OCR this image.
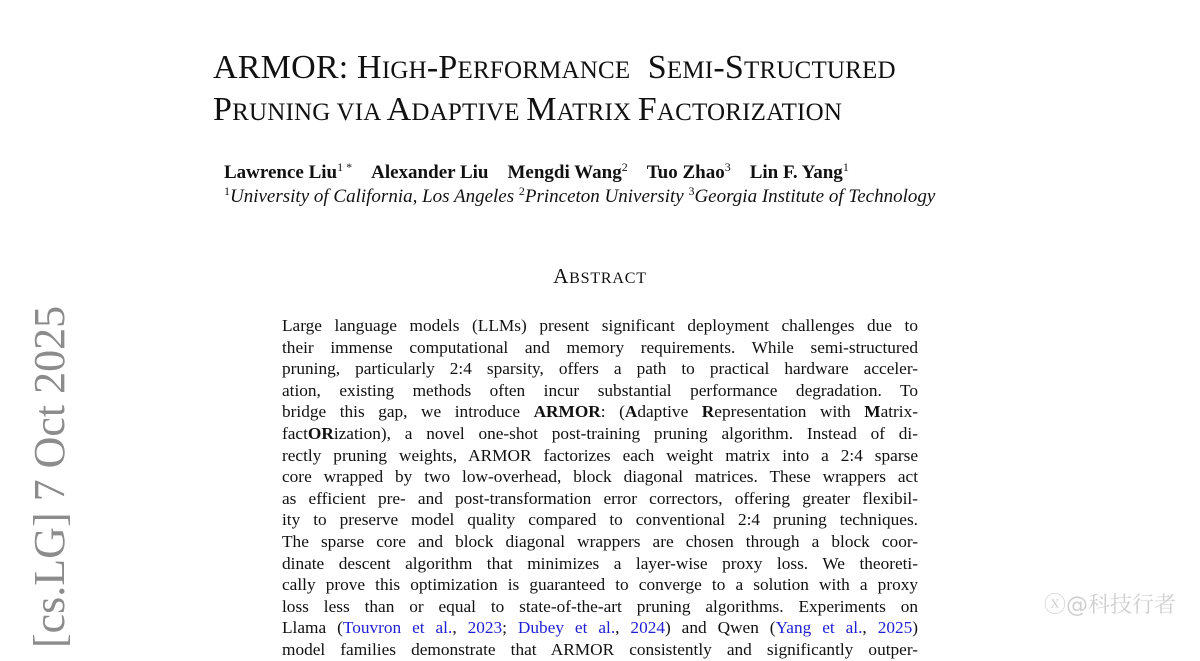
ARMOR: HIGH-PERFORMANCE  SEMI-STRUCTURED
PRUNING VIA ADAPTIVE MATRIX FACTORIZATION
Lawrence Liu$^{1 *}$ Alexander Liu Mengdi Wang$^2$ Tuo Zhao$^3$ Lin F. Yang$^1$
$^1$University of California, Los Angeles $^2$Princeton University $^3$Georgia Institute of Technology
ABSTRACT
Large language models (LLMs) present significant deployment challenges due to
their immense computational and memory requirements. While semi-structured
pruning, particularly 2:4 sparsity, offers a path to practical hardware acceler-
ation, existing methods often incur substantial performance degradation. To
bridge this gap, we introduce ARMOR: (Adaptive Representation with Matrix-
factORization), a novel one-shot post-training pruning algorithm. Instead of di-
rectly pruning weights, ARMOR factorizes each weight matrix into a 2:4 sparse
core wrapped by two low-overhead, block diagonal matrices. These wrappers act
as efficient pre- and post-transformation error correctors, offering greater flexibil-
ity to preserve model quality compared to conventional 2:4 pruning techniques.
The sparse core and block diagonal wrappers are chosen through a block coor-
dinate descent algorithm that minimizes a layer-wise proxy loss. We theoreti-
cally prove this optimization is guaranteed to converge to a solution with a proxy
loss less than or equal to state-of-the-art pruning algorithms. Experiments on
Llama (Touvron et al., 2023; Dubey et al., 2024) and Qwen (Yang et al., 2025)
model families demonstrate that ARMOR consistently and significantly outper-
[cs.LG] 7 Oct 2025	ⓧ@科技行者
